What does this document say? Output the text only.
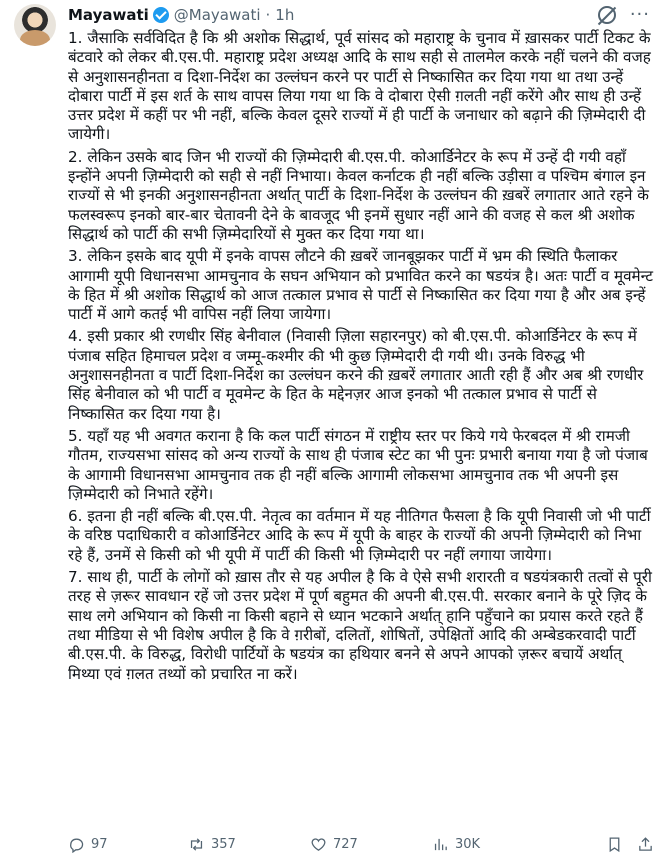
Mayawati @Mayawati · 1h	···

1. जैसाकि सर्वविदित है कि श्री अशोक सिद्धार्थ, पूर्व सांसद को महाराष्ट्र के चुनाव में ख़ासकर पार्टी टिकट के बंटवारे को लेकर बी.एस.पी. महाराष्ट्र प्रदेश अध्यक्ष आदि के साथ सही से तालमेल करके नहीं चलने की वजह से अनुशासनहीनता व दिशा-निर्देश का उल्लंघन करने पर पार्टी से निष्कासित कर दिया गया था तथा उन्हें दोबारा पार्टी में इस शर्त के साथ वापस लिया गया था कि वे दोबारा ऐसी ग़लती नहीं करेंगे और साथ ही उन्हें उत्तर प्रदेश में कहीं पर भी नहीं, बल्कि केवल दूसरे राज्यों में ही पार्टी के जनाधार को बढ़ाने की ज़िम्मेदारी दी जायेगी।

2. लेकिन उसके बाद जिन भी राज्यों की ज़िम्मेदारी बी.एस.पी. कोआर्डिनेटर के रूप में उन्हें दी गयी वहाँ इन्होंने अपनी ज़िम्मेदारी को सही से नहीं निभाया। केवल कर्नाटक ही नहीं बल्कि उड़ीसा व पश्चिम बंगाल इन राज्यों से भी इनकी अनुशासनहीनता अर्थात् पार्टी के दिशा-निर्देश के उल्लंघन की ख़बरें लगातार आते रहने के फलस्वरूप इनको बार-बार चेतावनी देने के बावजूद भी इनमें सुधार नहीं आने की वजह से कल श्री अशोक सिद्धार्थ को पार्टी की सभी ज़िम्मेदारियों से मुक्त कर दिया गया था।

3. लेकिन इसके बाद यूपी में इनके वापस लौटने की ख़बरें जानबूझकर पार्टी में भ्रम की स्थिति फैलाकर आगामी यूपी विधानसभा आमचुनाव के सघन अभियान को प्रभावित करने का षडयंत्र है। अतः पार्टी व मूवमेन्ट के हित में श्री अशोक सिद्धार्थ को आज तत्काल प्रभाव से पार्टी से निष्कासित कर दिया गया है और अब इन्हें पार्टी में आगे कतई भी वापिस नहीं लिया जायेगा।

4. इसी प्रकार श्री रणधीर सिंह बेनीवाल (निवासी ज़िला सहारनपुर) को बी.एस.पी. कोआर्डिनेटर के रूप में पंजाब सहित हिमाचल प्रदेश व जम्मू-कश्मीर की भी कुछ ज़िम्मेदारी दी गयी थी। उनके विरुद्ध भी अनुशासनहीनता व पार्टी दिशा-निर्देश का उल्लंघन करने की ख़बरें लगातार आती रही हैं और अब श्री रणधीर सिंह बेनीवाल को भी पार्टी व मूवमेन्ट के हित के मद्देनज़र आज इनको भी तत्काल प्रभाव से पार्टी से निष्कासित कर दिया गया है।

5. यहाँ यह भी अवगत कराना है कि कल पार्टी संगठन में राष्ट्रीय स्तर पर किये गये फेरबदल में श्री रामजी गौतम, राज्यसभा सांसद को अन्य राज्यों के साथ ही पंजाब स्टेट का भी पुनः प्रभारी बनाया गया है जो पंजाब के आगामी विधानसभा आमचुनाव तक ही नहीं बल्कि आगामी लोकसभा आमचुनाव तक भी अपनी इस ज़िम्मेदारी को निभाते रहेंगे।

6. इतना ही नहीं बल्कि बी.एस.पी. नेतृत्व का वर्तमान में यह नीतिगत फैसला है कि यूपी निवासी जो भी पार्टी के वरिष्ठ पदाधिकारी व कोआर्डिनेटर आदि के रूप में यूपी के बाहर के राज्यों की अपनी ज़िम्मेदारी को निभा रहे हैं, उनमें से किसी को भी यूपी में पार्टी की किसी भी ज़िम्मेदारी पर नहीं लगाया जायेगा।

7. साथ ही, पार्टी के लोगों को ख़ास तौर से यह अपील है कि वे ऐसे सभी शरारती व षडयंत्रकारी तत्वों से पूरी तरह से ज़रूर सावधान रहें जो उत्तर प्रदेश में पूर्ण बहुमत की अपनी बी.एस.पी. सरकार बनाने के पूरे ज़िद के साथ लगे अभियान को किसी ना किसी बहाने से ध्यान भटकाने अर्थात् हानि पहुँचाने का प्रयास करते रहते हैं तथा मीडिया से भी विशेष अपील है कि वे ग़रीबों, दलितों, शोषितों, उपेक्षितों आदि की अम्बेडकरवादी पार्टी बी.एस.पी. के विरुद्ध, विरोधी पार्टियों के षडयंत्र का हथियार बनने से अपने आपको ज़रूर बचायें अर्थात् मिथ्या एवं ग़लत तथ्यों को प्रचारित ना करें।

97	357	727	30K
